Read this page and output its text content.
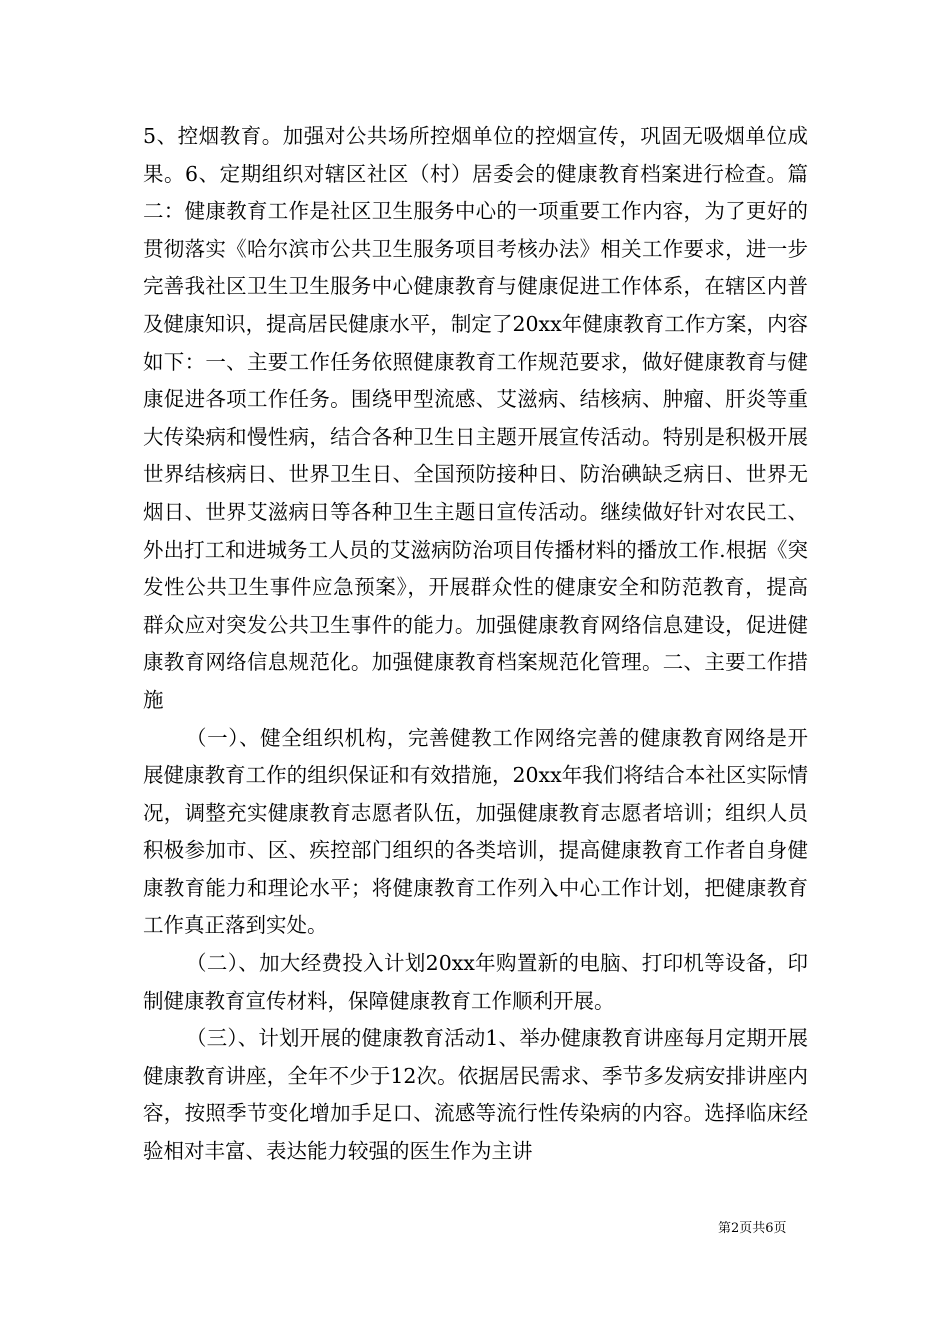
5、控烟教育。加强对公共场所控烟单位的控烟宣传，巩固无吸烟单位成果。6、定期组织对辖区社区（村）居委会的健康教育档案进行检查。篇二：健康教育工作是社区卫生服务中心的一项重要工作内容，为了更好的贯彻落实《哈尔滨市公共卫生服务项目考核办法》相关工作要求，进一步完善我社区卫生卫生服务中心健康教育与健康促进工作体系，在辖区内普及健康知识，提高居民健康水平，制定了20xx年健康教育工作方案，内容如下：一、主要工作任务依照健康教育工作规范要求，做好健康教育与健康促进各项工作任务。围绕甲型流感、艾滋病、结核病、肿瘤、肝炎等重大传染病和慢性病，结合各种卫生日主题开展宣传活动。特别是积极开展世界结核病日、世界卫生日、全国预防接种日、防治碘缺乏病日、世界无烟日、世界艾滋病日等各种卫生主题日宣传活动。继续做好针对农民工、外出打工和进城务工人员的艾滋病防治项目传播材料的播放工作.根据《突发性公共卫生事件应急预案》，开展群众性的健康安全和防范教育，提高群众应对突发公共卫生事件的能力。加强健康教育网络信息建设，促进健康教育网络信息规范化。加强健康教育档案规范化管理。二、主要工作措施

（一）、健全组织机构，完善健教工作网络完善的健康教育网络是开展健康教育工作的组织保证和有效措施，20xx年我们将结合本社区实际情况，调整充实健康教育志愿者队伍，加强健康教育志愿者培训；组织人员积极参加市、区、疾控部门组织的各类培训，提高健康教育工作者自身健康教育能力和理论水平；将健康教育工作列入中心工作计划，把健康教育工作真正落到实处。

（二）、加大经费投入计划20xx年购置新的电脑、打印机等设备，印制健康教育宣传材料，保障健康教育工作顺利开展。

（三）、计划开展的健康教育活动1、举办健康教育讲座每月定期开展健康教育讲座，全年不少于12次。依据居民需求、季节多发病安排讲座内容，按照季节变化增加手足口、流感等流行性传染病的内容。选择临床经验相对丰富、表达能力较强的医生作为主讲

第2页共6页
